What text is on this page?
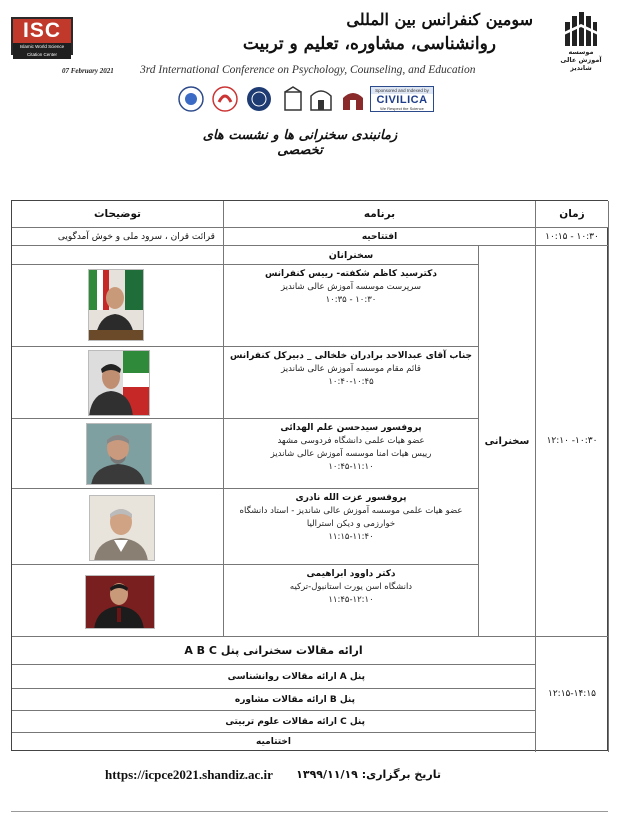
ISC
Islamic World Science Citation Center
سومین کنفرانس بین المللی
روانشناسی، مشاوره، تعلیم و تربیت	موسسه
آموزش عالی
شاندیز
07 February 2021 3rd International Conference on Psychology, Counseling, and Education
Sponsored and Indexed by
CIVILICA
We Respect the Science
زمانبندی سخنرانی ها و نشست های تخصصی
زمان
برنامه
توضیحات
۱۰:۳۰ - ۱۰:۱۵
افتتاحیه
قرائت قران ، سرود ملی و خوش آمدگویی
۱۰:۳۰- ۱۲:۱۰
سخنرانی
سخنرانان
دکترسید کاظم شکفته- رییس کنفرانس
سرپرست موسسه آموزش عالی شاندیز
۱۰:۳۰ - ۱۰:۳۵
جناب آقای عبدالاحد برادران خلخالی _ دبیرکل کنفرانس
قائم مقام موسسه آموزش عالی شاندیز
۱۰:۴۰-۱۰:۴۵
پروفسور سیدحسن علم الهدائی
عضو هیات علمی دانشگاه فردوسی مشهد
رییس هیات امنا موسسه آموزش عالی شاندیز
۱۰:۴۵-۱۱:۱۰
پروفسور عزت الله نادری
عضو هیات علمی موسسه آموزش عالی شاندیز - استاد دانشگاه
خوارزمی و دیکن استرالیا
۱۱:۱۵-۱۱:۴۰
دکتر داوود ابراهیمی
دانشگاه اسن یورت استانبول-ترکیه
۱۱:۴۵-۱۲:۱۰
۱۲:۱۵-۱۴:۱۵
ارائه مقالات سخنرانی پنل A B C
پنل A ارائه مقالات روانشناسی
پنل B ارائه مقالات مشاوره
پنل C ارائه مقالات علوم تربیتی
اختتامیه
تاریخ برگزاری: ۱۳۹۹/۱۱/۱۹
https://icpce2021.shandiz.ac.ir
